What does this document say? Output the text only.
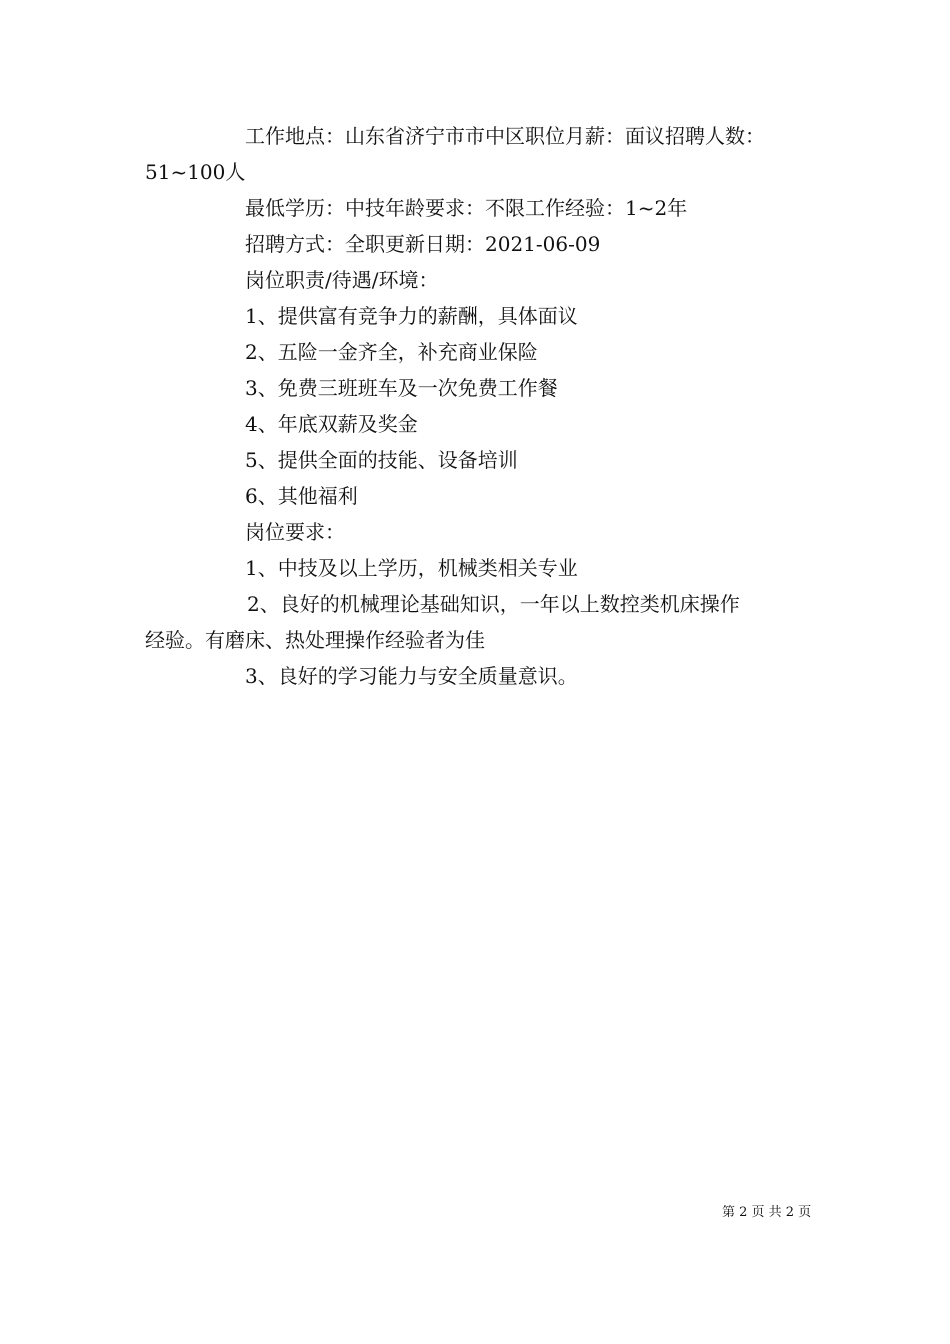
工作地点：山东省济宁市市中区职位月薪：面议招聘人数：

51~100人

最低学历：中技年龄要求：不限工作经验：1~2年

招聘方式：全职更新日期：2021-06-09

岗位职责/待遇/环境：

1、提供富有竞争力的薪酬，具体面议

2、五险一金齐全，补充商业保险

3、免费三班班车及一次免费工作餐

4、年底双薪及奖金

5、提供全面的技能、设备培训

6、其他福利

岗位要求：

1、中技及以上学历，机械类相关专业

2、良好的机械理论基础知识，一年以上数控类机床操作

经验。有磨床、热处理操作经验者为佳

3、良好的学习能力与安全质量意识。

第 2 页 共 2 页
